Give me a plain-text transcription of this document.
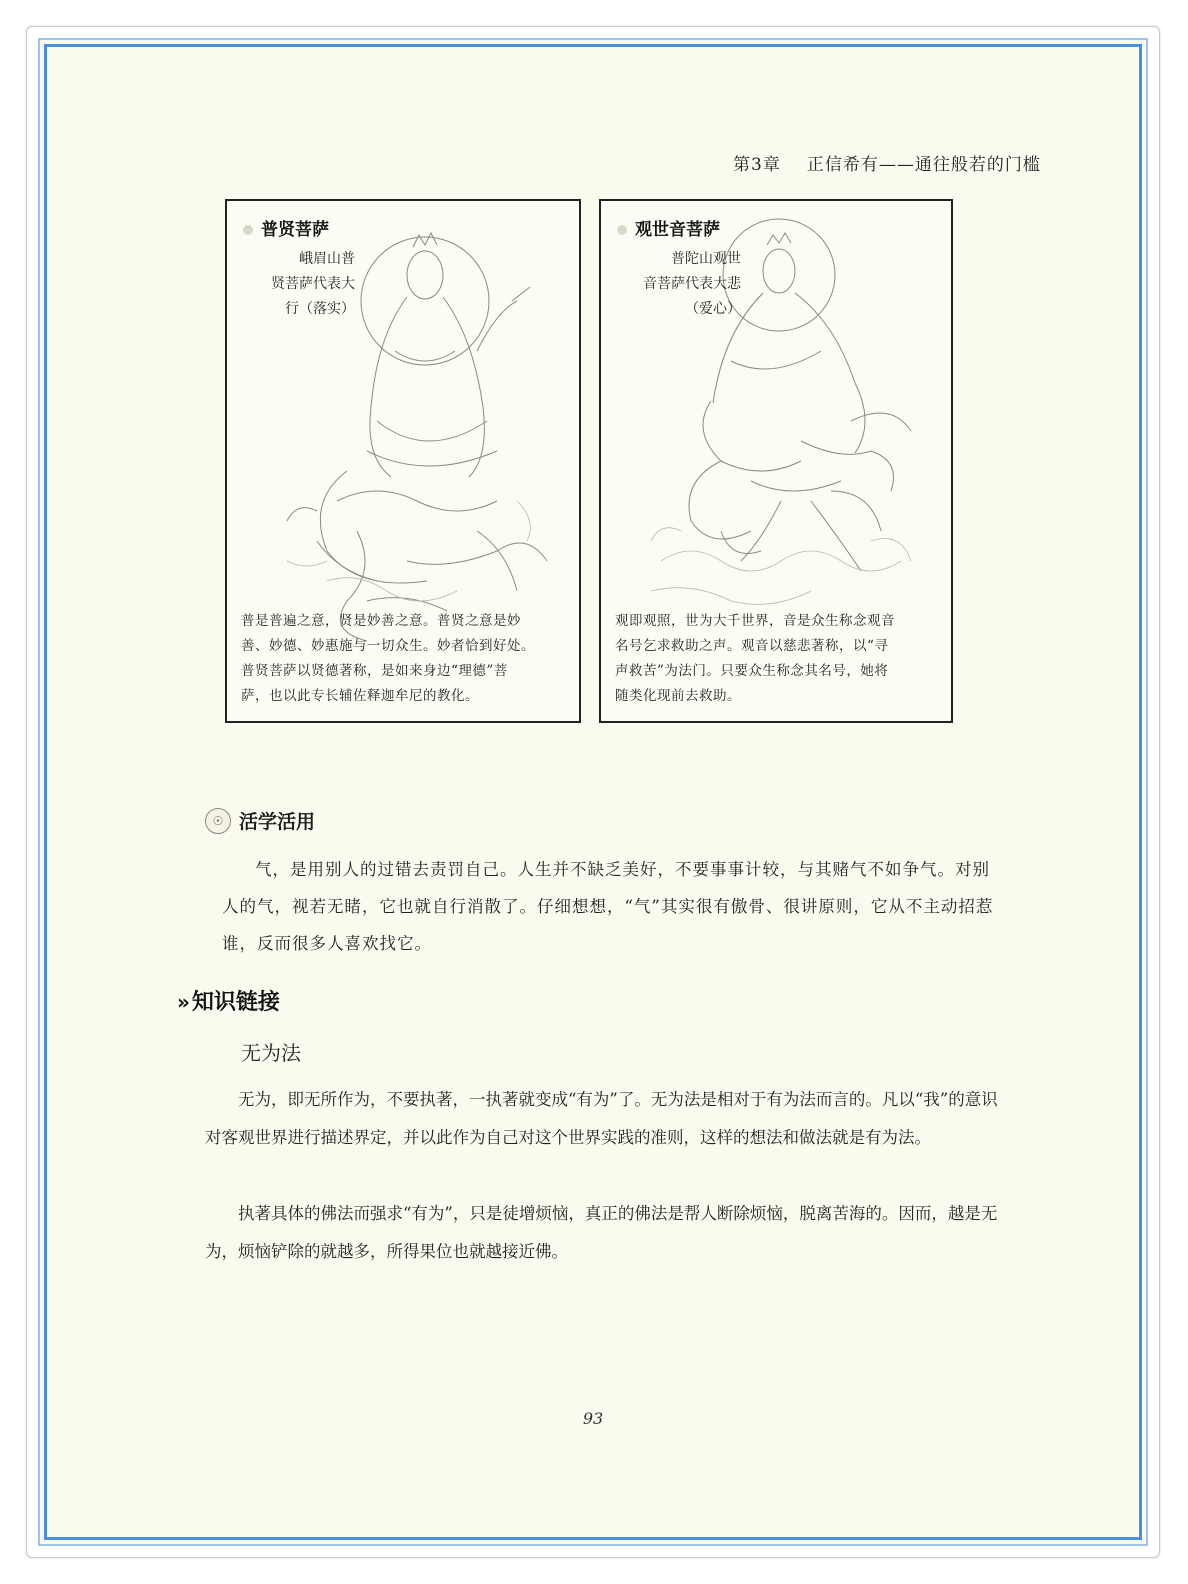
第3章 正信希有——通往般若的门槛
普贤菩萨
峨眉山普
贤菩萨代表大
行（落实）
普是普遍之意，贤是妙善之意。普贤之意是妙
善、妙德、妙惠施与一切众生。妙者恰到好处。
普贤菩萨以贤德著称，是如来身边“理德”菩
萨，也以此专长辅佐释迦牟尼的教化。
观世音菩萨
普陀山观世
音菩萨代表大悲
（爱心）
观即观照，世为大千世界，音是众生称念观音
名号乞求救助之声。观音以慈悲著称，以“寻
声救苦”为法门。只要众生称念其名号，她将
随类化现前去救助。
☉ 活学活用
气，是用别人的过错去责罚自己。人生并不缺乏美好，不要事事计较，与其赌气不如争气。对别人的气，视若无睹，它也就自行消散了。仔细想想，“气”其实很有傲骨、很讲原则，它从不主动招惹谁，反而很多人喜欢找它。
»知识链接
无为法
无为，即无所作为，不要执著，一执著就变成“有为”了。无为法是相对于有为法而言的。凡以“我”的意识对客观世界进行描述界定，并以此作为自己对这个世界实践的准则，这样的想法和做法就是有为法。
执著具体的佛法而强求“有为”，只是徒增烦恼，真正的佛法是帮人断除烦恼，脱离苦海的。因而，越是无为，烦恼铲除的就越多，所得果位也就越接近佛。
93
